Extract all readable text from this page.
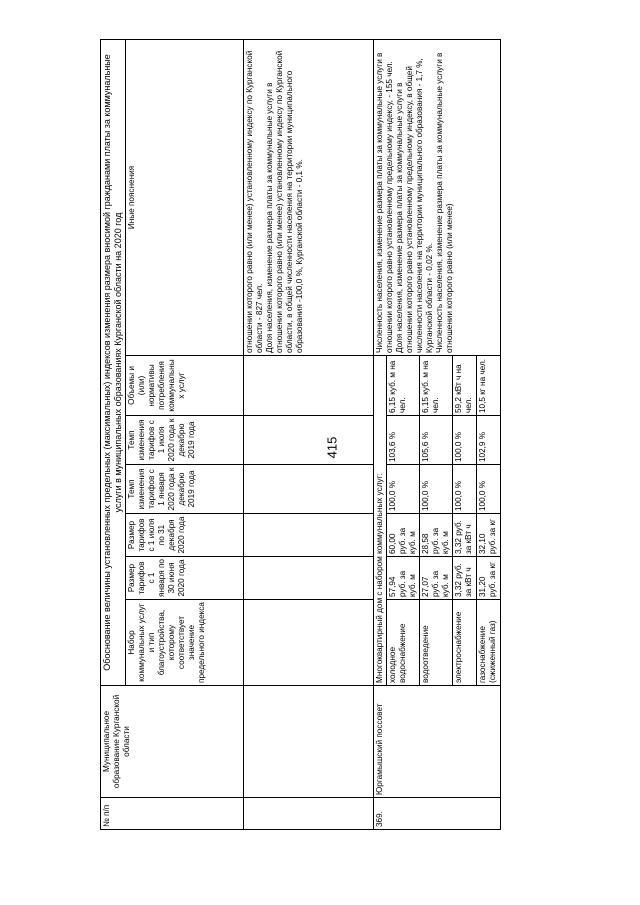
415
№ п/п	Муниципальное образование Курганской области	Обоснование величины установленных предельных (максимальных) индексов изменения размера вносимой гражданами платы за коммунальные услуги в муниципальных образованиях Курганской области на 2020 год						
		Набор коммунальных услуг и тип благоустройства, которому соответствует значение предельного индекса	Размер тарифов с 1 января по 30 июня 2020 года	Размер тарифов с 1 июля по 31 декабря 2020 года	Темп изменения тарифов с 1 января 2020 года к декабрю 2019 года	Темп изменения тарифов с 1 июля 2020 года к декабрю 2019 года	Объемы и (или) нормативы потребления коммунальных услуг	Иные пояснения
								отношении которого равно (или менее) установленному индексу по Курганской области - 827 чел.
Доля населения, изменение размера платы за коммунальные услуги в отношении которого равно (или менее) установленному индексу по Курганской области, в общей численности населения на территории муниципального образования -100,0 %, Курганской области - 0,1 %.
369.	Юргамышский поссовет	Многоквартирный дом с набором коммунальных услуг:						Численность населения, изменение размера платы за коммунальные услуги в отношении которого равно установленному предельному индексу, - 155 чел.
Доля населения, изменение размера платы за коммунальные услуги в отношении которого равно установленному предельному индексу, в общей численности населения на территории муниципального образования - 1,7 %, Курганской области - 0,02 %.
Численность населения, изменение размера платы за коммунальные услуги в отношении которого равно (или менее)
		холодное водоснабжение	57,94 руб. за куб. м	60,00 руб. за куб. м	100,0 %	103,6 %	6,15 куб. м на чел.	
		водоотведение	27,07 руб. за куб. м	28,58 руб. за куб. м	100,0 %	105,6 %	6,15 куб. м на чел.	
		электроснабжение	3,32 руб. за кВт ч	3,32 руб. за кВт ч	100,0 %	100,0 %	59,2 кВт ч на чел.	
		газоснабжение (сжиженный газ)	31,20 руб. за кг	32,10 руб. за кг	100,0 %	102,9 %	10,5 кг на чел.	
